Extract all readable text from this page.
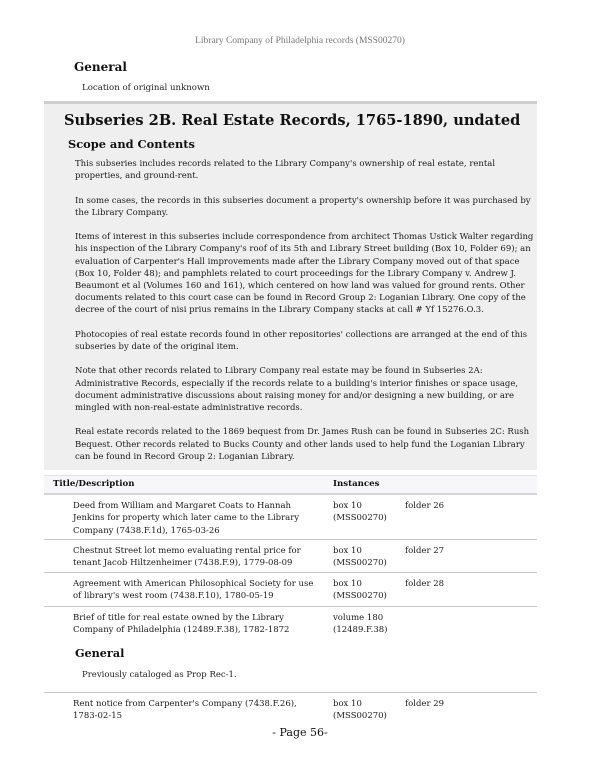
Library Company of Philadelphia records (MSS00270)
General

Location of original unknown

Subseries 2B. Real Estate Records, 1765-1890, undated
Scope and Contents

This subseries includes records related to the Library Company's ownership of real estate, rental properties, and ground-rent.

In some cases, the records in this subseries document a property's ownership before it was purchased by the Library Company.

Items of interest in this subseries include correspondence from architect Thomas Ustick Walter regarding his inspection of the Library Company's roof of its 5th and Library Street building (Box 10, Folder 69); an evaluation of Carpenter's Hall improvements made after the Library Company moved out of that space (Box 10, Folder 48); and pamphlets related to court proceedings for the Library Company v. Andrew J. Beaumont et al (Volumes 160 and 161), which centered on how land was valued for ground rents. Other documents related to this court case can be found in Record Group 2: Loganian Library. One copy of the decree of the court of nisi prius remains in the Library Company stacks at call # Yf 15276.O.3.

Photocopies of real estate records found in other repositories' collections are arranged at the end of this subseries by date of the original item.

Note that other records related to Library Company real estate may be found in Subseries 2A: Administrative Records, especially if the records relate to a building's interior finishes or space usage, document administrative discussions about raising money for and/or designing a new building, or are mingled with non-real-estate administrative records.

Real estate records related to the 1869 bequest from Dr. James Rush can be found in Subseries 2C: Rush Bequest. Other records related to Bucks County and other lands used to help fund the Loganian Library can be found in Record Group 2: Loganian Library.

Title/Description	Instances
Deed from William and Margaret Coats to Hannah Jenkins for property which later came to the Library Company (7438.F.1d), 1765-03-26
box 10 (MSS00270)
folder 26
Chestnut Street lot memo evaluating rental price for tenant Jacob Hiltzenheimer (7438.F.9), 1779-08-09
box 10 (MSS00270)
folder 27
Agreement with American Philosophical Society for use of library's west room (7438.F.10), 1780-05-19
box 10 (MSS00270)
folder 28
Brief of title for real estate owned by the Library Company of Philadelphia (12489.F.38), 1782-1872
volume 180 (12489.F.38)
General

Previously cataloged as Prop Rec-1.

Rent notice from Carpenter's Company (7438.F.26), 1783-02-15
box 10 (MSS00270)
folder 29
- Page 56-
